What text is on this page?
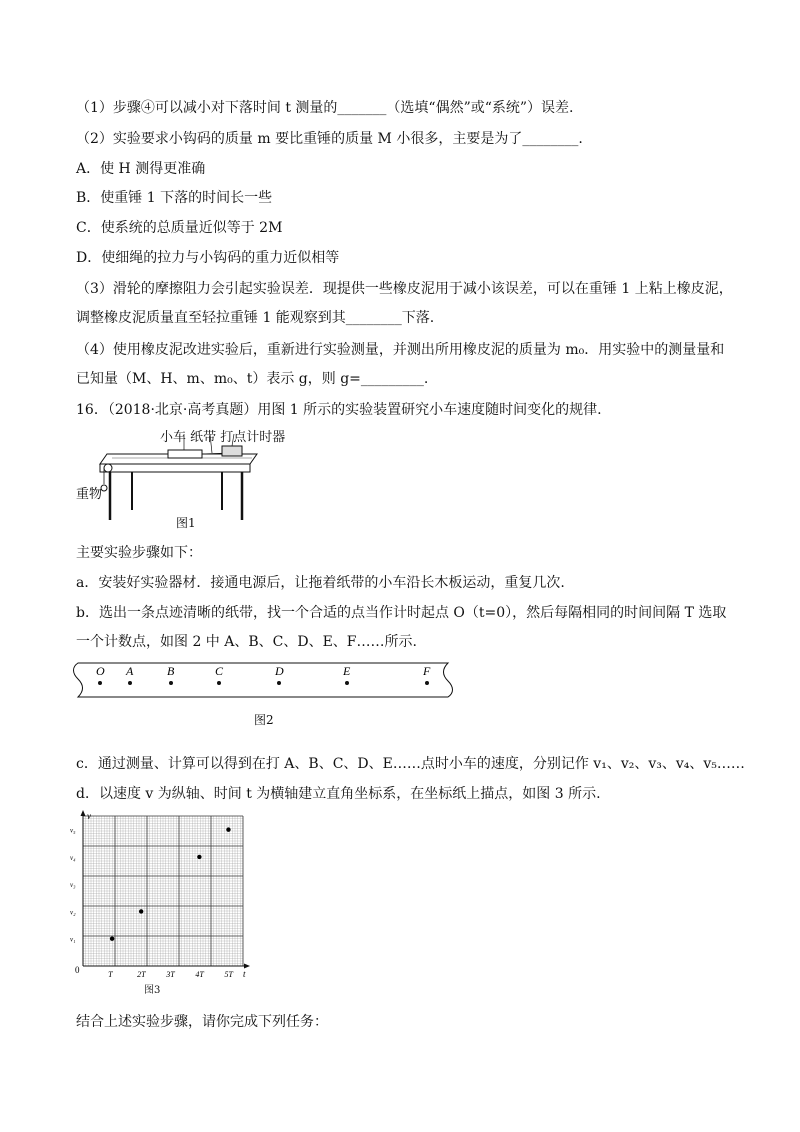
（1）步骤④可以减小对下落时间 t 测量的_______（选填“偶然”或“系统”）误差.
（2）实验要求小钩码的质量 m 要比重锤的质量 M 小很多，主要是为了________.
A．使 H 测得更准确
B．使重锤 1 下落的时间长一些
C．使系统的总质量近似等于 2M
D．使细绳的拉力与小钩码的重力近似相等
（3）滑轮的摩擦阻力会引起实验误差．现提供一些橡皮泥用于减小该误差，可以在重锤 1 上粘上橡皮泥，
调整橡皮泥质量直至轻拉重锤 1 能观察到其________下落.
（4）使用橡皮泥改进实验后，重新进行实验测量，并测出所用橡皮泥的质量为 m₀．用实验中的测量量和
已知量（M、H、m、m₀、t）表示 g，则 g=_________.
16．（2018·北京·高考真题）用图 1 所示的实验装置研究小车速度随时间变化的规律.
小车 纸带 打点计时器
重物
图1
主要实验步骤如下：
a．安装好实验器材．接通电源后，让拖着纸带的小车沿长木板运动，重复几次.
b．选出一条点迹清晰的纸带，找一个合适的点当作计时起点 O（t=0），然后每隔相同的时间间隔 T 选取
一个计数点，如图 2 中 A、B、C、D、E、F……所示.
O A	B	C	D	E	F
图2
c．通过测量、计算可以得到在打 A、B、C、D、E……点时小车的速度，分别记作 v₁、v₂、v₃、v₄、v₅……
d．以速度 v 为纵轴、时间 t 为横轴建立直角坐标系，在坐标纸上描点，如图 3 所示.
v
t
0	T	2T	3T	4T	5T
v₁
v₂
v₃
v₄
v₅
图3
结合上述实验步骤，请你完成下列任务：
